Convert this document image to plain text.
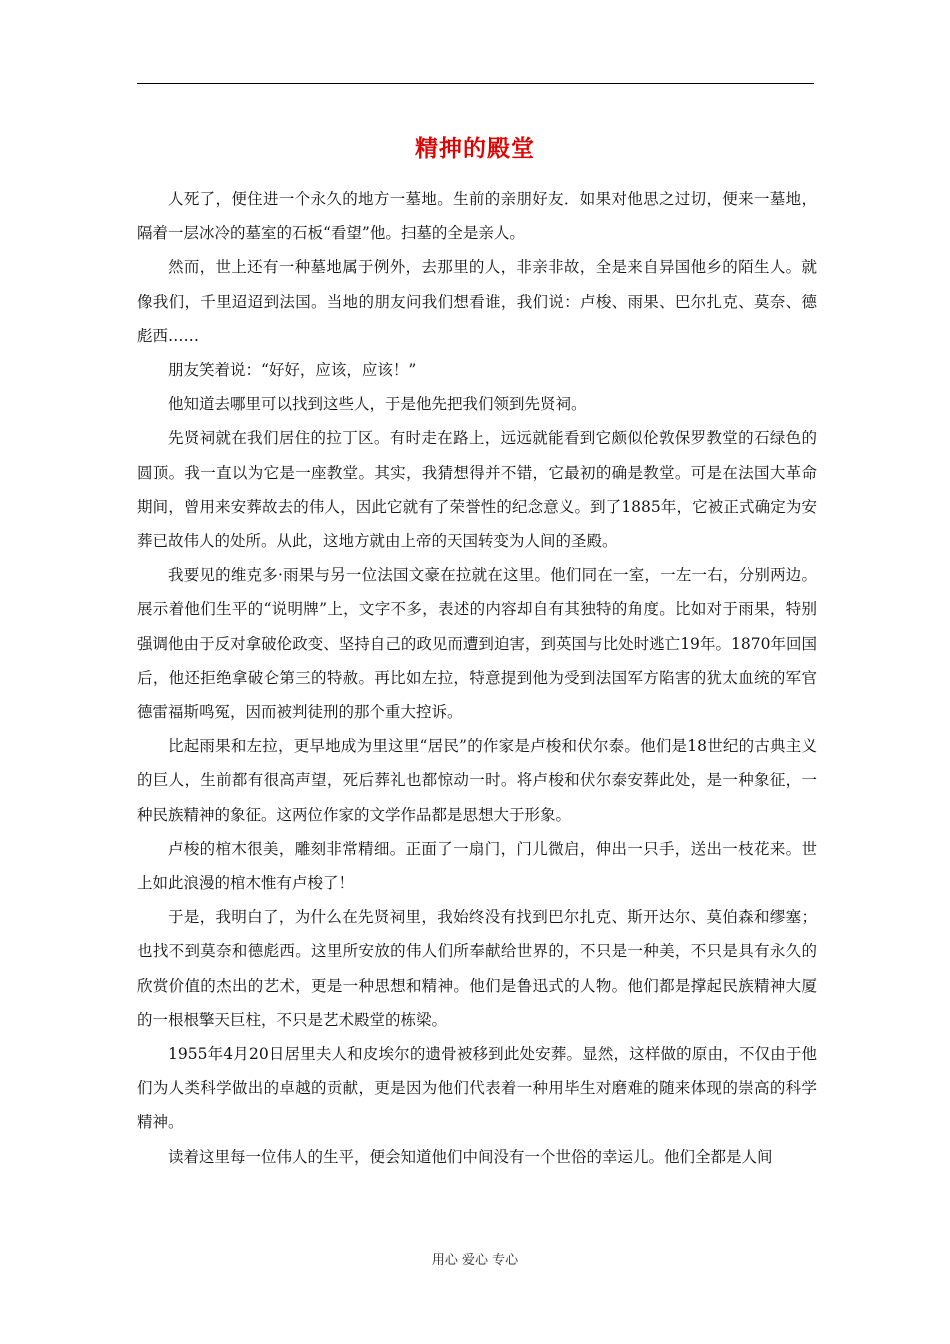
精抻的殿堂

人死了，便住进一个永久的地方一墓地。生前的亲朋好友．如果对他思之过切，便来一墓地，隔着一层冰冷的墓室的石板“看望”他。扫墓的全是亲人。

然而，世上还有一种墓地属于例外，去那里的人，非亲非故，全是来自异国他乡的陌生人。就像我们，千里迢迢到法国。当地的朋友问我们想看谁，我们说：卢梭、雨果、巴尔扎克、莫奈、德彪西……

朋友笑着说：“好好，应该，应该！”

他知道去哪里可以找到这些人，于是他先把我们领到先贤祠。

先贤祠就在我们居住的拉丁区。有时走在路上，远远就能看到它颇似伦敦保罗教堂的石绿色的圆顶。我一直以为它是一座教堂。其实，我猜想得并不错，它最初的确是教堂。可是在法国大革命期间，曾用来安葬故去的伟人，因此它就有了荣誉性的纪念意义。到了1885年，它被正式确定为安葬已故伟人的处所。从此，这地方就由上帝的天国转变为人间的圣殿。

我要见的维克多·雨果与另一位法国文豪在拉就在这里。他们同在一室，一左一右，分别两边。展示着他们生平的“说明牌”上，文字不多，表述的内容却自有其独特的角度。比如对于雨果，特别强调他由于反对拿破伦政变、坚持自己的政见而遭到迫害，到英国与比处时逃亡19年。1870年回国后，他还拒绝拿破仑第三的特赦。再比如左拉，特意提到他为受到法国军方陷害的犹太血统的军官德雷福斯鸣冤，因而被判徒刑的那个重大控诉。

比起雨果和左拉，更早地成为里这里“居民”的作家是卢梭和伏尔泰。他们是18世纪的古典主义的巨人，生前都有很高声望，死后葬礼也都惊动一时。将卢梭和伏尔泰安葬此处，是一种象征，一种民族精神的象征。这两位作家的文学作品都是思想大于形象。

卢梭的棺木很美，雕刻非常精细。正面了一扇门，门儿微启，伸出一只手，送出一枝花来。世上如此浪漫的棺木惟有卢梭了！

于是，我明白了，为什么在先贤祠里，我始终没有找到巴尔扎克、斯开达尔、莫伯森和缪塞；也找不到莫奈和德彪西。这里所安放的伟人们所奉献给世界的，不只是一种美，不只是具有永久的欣赏价值的杰出的艺术，更是一种思想和精神。他们是鲁迅式的人物。他们都是撑起民族精神大厦的一根根擎天巨柱，不只是艺术殿堂的栋梁。

1955年4月20日居里夫人和皮埃尔的遗骨被移到此处安葬。显然，这样做的原由，不仅由于他们为人类科学做出的卓越的贡献，更是因为他们代表着一种用毕生对磨难的随来体现的崇高的科学精神。

读着这里每一位伟人的生平，便会知道他们中间没有一个世俗的幸运儿。他们全都是人间

用心 爱心 专心
